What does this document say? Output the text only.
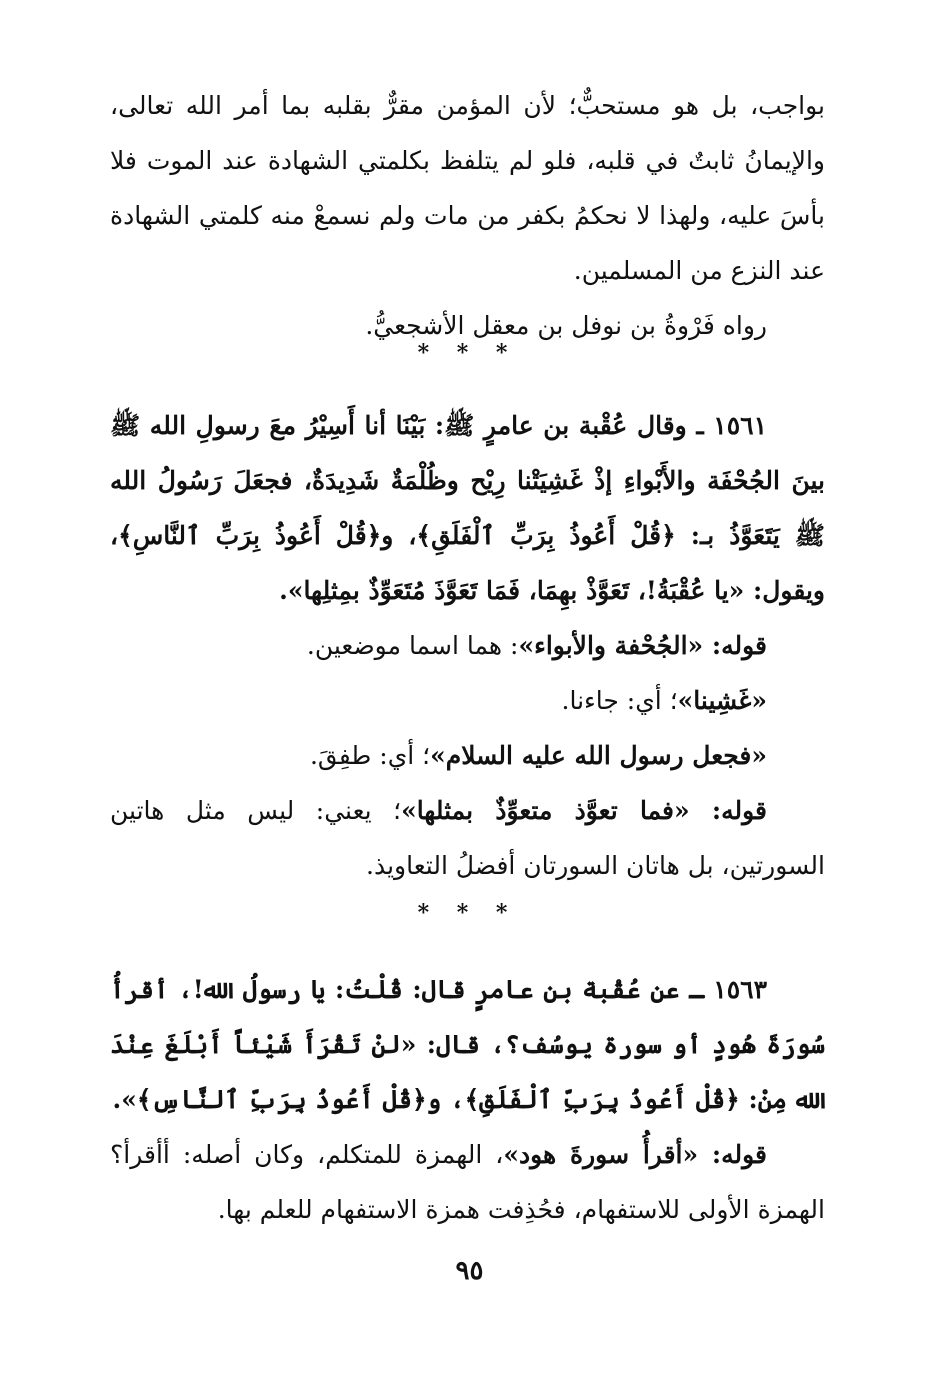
بواجب، بل هو مستحبٌّ؛ لأن المؤمن مقرٌّ بقلبه بما أمر الله تعالى، والإيمانُ ثابتٌ في قلبه، فلو لم يتلفظ بكلمتي الشهادة عند الموت فلا بأسَ عليه، ولهذا لا نحكمُ بكفر من مات ولم نسمعْ منه كلمتي الشهادة عند النزع من المسلمين.

رواه فَرْوةُ بن نوفل بن معقل الأشجعيُّ.

* * *

١٥٦١ ـ وقال عُقْبة بن عامرٍ ﷺ: بَيْنَا أنا أَسِيْرُ معَ رسولِ الله ﷺ بينَ الجُحْفَة والأَبْواءِ إذْ غَشِيَتْنا رِيْح وظُلْمَةٌ شَدِيدَةٌ، فجعَلَ رَسُولُ الله ﷺ يَتَعَوَّذُ بـ: ﴿قُلْ أَعُوذُ بِرَبِّ ٱلْفَلَقِ﴾، و﴿قُلْ أَعُوذُ بِرَبِّ ٱلنَّاسِ﴾، ويقول: «يا عُقْبَةُ!، تَعَوَّذْ بهِمَا، فَمَا تَعَوَّذَ مُتَعَوِّذٌ بمِثلِها».

قوله: «الجُحْفة والأبواء»: هما اسما موضعين.

«غَشِينا»؛ أي: جاءنا.

«فجعل رسول الله عليه السلام»؛ أي: طفِقَ.

قوله: «فما تعوَّذ متعوِّذٌ بمثلها»؛ يعني: ليس مثل هاتين السورتين، بل هاتان السورتان أفضلُ التعاويذ.

* * *

١٥٦٣ ـ عن عُقْبة بن عامرٍ قال: قُلْتُ: يا رسولُ الله!، أقرأُ سُورَةَ هُودٍ أو سورة يوسُف؟، قال: «لنْ تَقْرَأَ شَيْئاً أَبْلَغَ عِنْدَ الله مِنْ: ﴿قُلْ أَعُوذُ بِرَبِّ ٱلْفَلَقِ﴾، و﴿قُلْ أَعُوذُ بِرَبِّ ٱلنَّاسِ﴾».

قوله: «أقرأُ سورةَ هود»، الهمزة للمتكلم، وكان أصله: أأقرأ؟ الهمزة الأولى للاستفهام، فحُذِفت همزة الاستفهام للعلم بها.

٩٥
